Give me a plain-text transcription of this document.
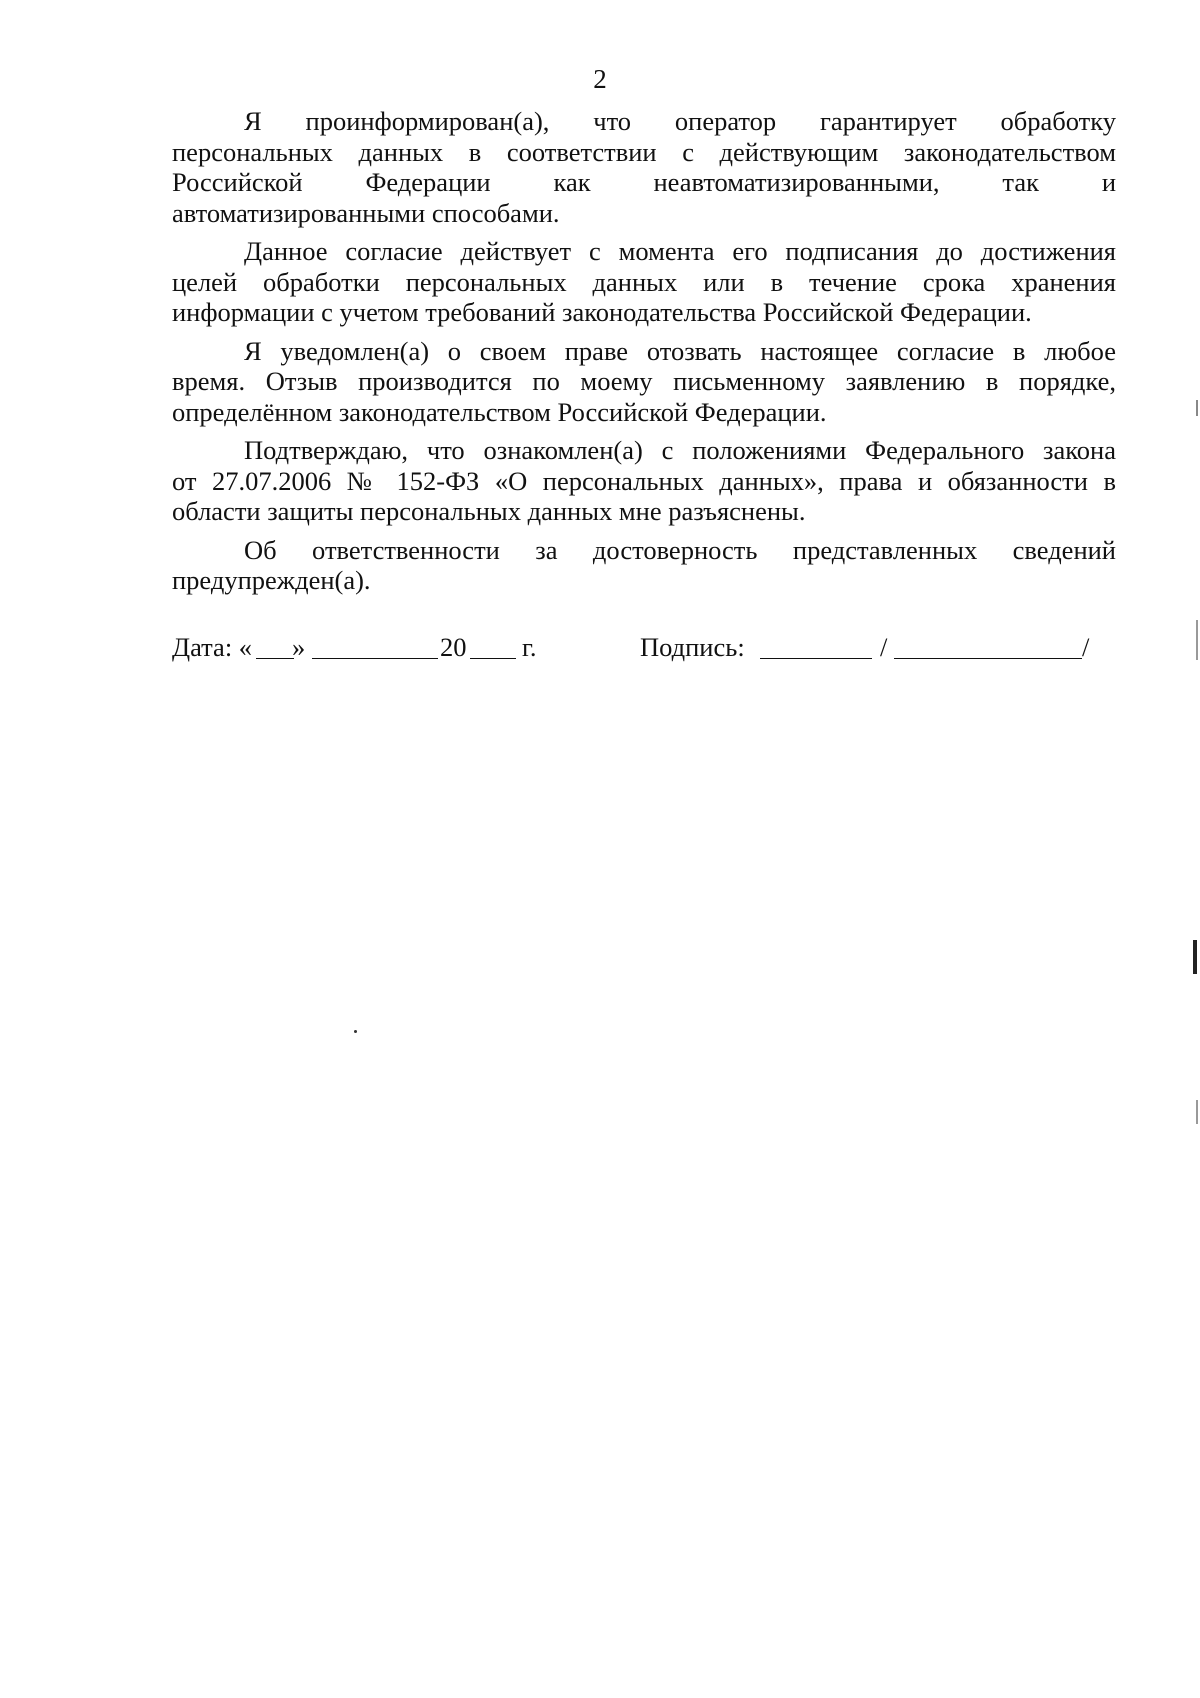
2
Я проинформирован(а), что оператор гарантирует обработку
персональных данных в соответствии с действующим законодательством
Российской Федерации как неавтоматизированными, так и
автоматизированными способами.
Данное согласие действует с момента его подписания до достижения
целей обработки персональных данных или в течение срока хранения
информации с учетом требований законодательства Российской Федерации.
Я уведомлен(а) о своем праве отозвать настоящее согласие в любое
время. Отзыв производится по моему письменному заявлению в порядке,
определённом законодательством Российской Федерации.
Подтверждаю, что ознакомлен(а) с положениями Федерального закона
от 27.07.2006 № 152-ФЗ «О персональных данных», права и обязанности в
области защиты персональных данных мне разъяснены.
Об ответственности за достоверность представленных сведений
предупрежден(а).
Дата: « »	20 г.	Подпись:	/	/
